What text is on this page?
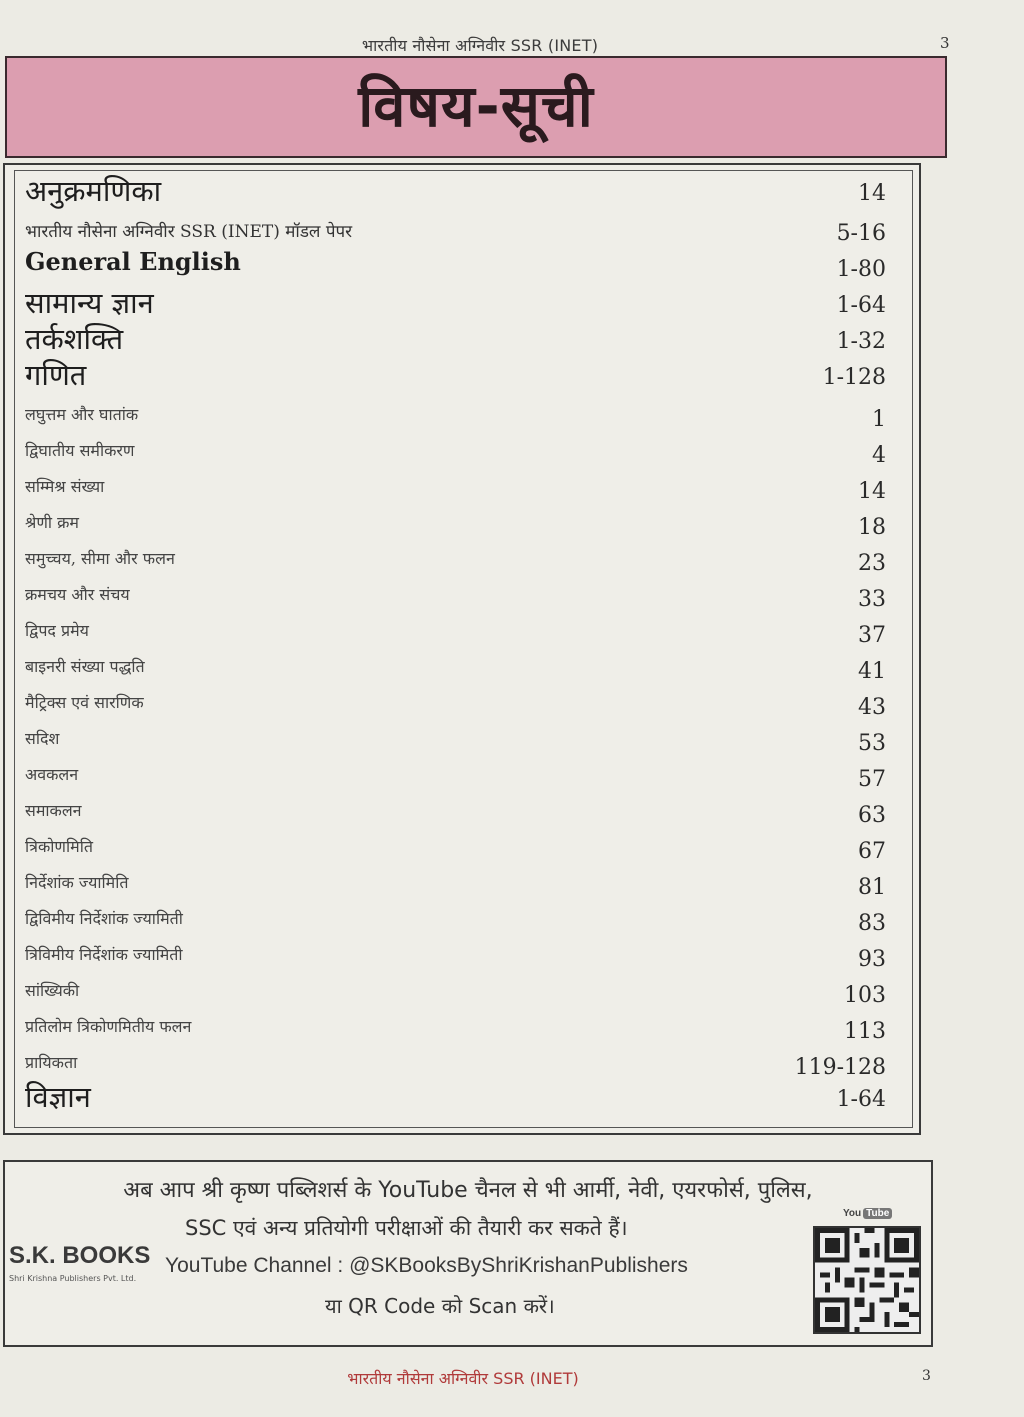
भारतीय नौसेना अग्निवीर SSR (INET)	3
विषय-सूची
अनुक्रमणिका	14
भारतीय नौसेना अग्निवीर SSR (INET) मॉडल पेपर	5-16
General English	1-80
सामान्य ज्ञान	1-64
तर्कशक्ति	1-32
गणित	1-128
लघुत्तम और घातांक	1
द्विघातीय समीकरण	4
सम्मिश्र संख्या	14
श्रेणी क्रम	18
समुच्चय, सीमा और फलन	23
क्रमचय और संचय	33
द्विपद प्रमेय	37
बाइनरी संख्या पद्धति	41
मैट्रिक्स एवं सारणिक	43
सदिश	53
अवकलन	57
समाकलन	63
त्रिकोणमिति	67
निर्देशांक ज्यामिति	81
द्विविमीय निर्देशांक ज्यामिती	83
त्रिविमीय निर्देशांक ज्यामिती	93
सांख्यिकी	103
प्रतिलोम त्रिकोणमितीय फलन	113
प्रायिकता	119-128
विज्ञान	1-64
अब आप श्री कृष्ण पब्लिशर्स के YouTube चैनल से भी आर्मी, नेवी, एयरफोर्स, पुलिस,
SSC एवं अन्य प्रतियोगी परीक्षाओं की तैयारी कर सकते हैं।
S.K. BOOKS
Shri Krishna Publishers Pvt. Ltd.
YouTube Channel : @SKBooksByShriKrishanPublishers
या QR Code को Scan करें।
You Tube
भारतीय नौसेना अग्निवीर SSR (INET)	3
